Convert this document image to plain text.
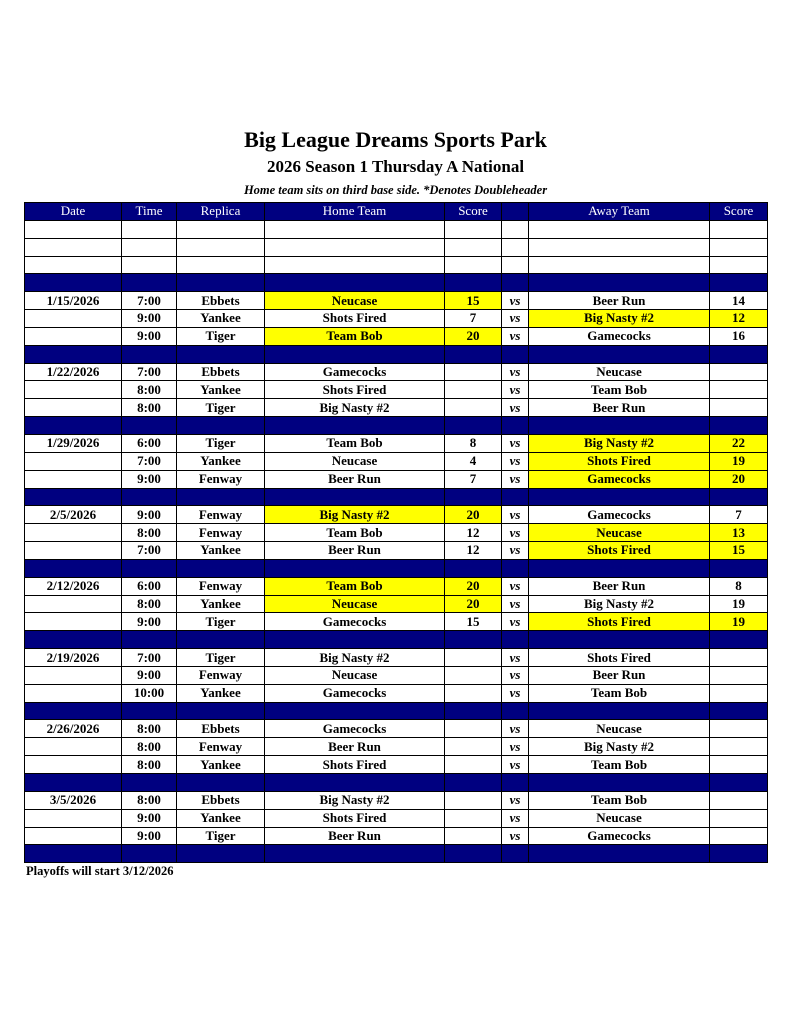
Big League Dreams Sports Park
2026 Season 1 Thursday A National
Home team sits on third base side. *Denotes Doubleheader
Date	Time	Replica	Home Team	Score		Away Team	Score

1/15/2026	7:00	Ebbets	Neucase	15	vs	Beer Run	14
	9:00	Yankee	Shots Fired	7	vs	Big Nasty #2	12
	9:00	Tiger	Team Bob	20	vs	Gamecocks	16

1/22/2026	7:00	Ebbets	Gamecocks		vs	Neucase	
	8:00	Yankee	Shots Fired		vs	Team Bob	
	8:00	Tiger	Big Nasty #2		vs	Beer Run	

1/29/2026	6:00	Tiger	Team Bob	8	vs	Big Nasty #2	22
	7:00	Yankee	Neucase	4	vs	Shots Fired	19
	9:00	Fenway	Beer Run	7	vs	Gamecocks	20

2/5/2026	9:00	Fenway	Big Nasty #2	20	vs	Gamecocks	7
	8:00	Fenway	Team Bob	12	vs	Neucase	13
	7:00	Yankee	Beer Run	12	vs	Shots Fired	15

2/12/2026	6:00	Fenway	Team Bob	20	vs	Beer Run	8
	8:00	Yankee	Neucase	20	vs	Big Nasty #2	19
	9:00	Tiger	Gamecocks	15	vs	Shots Fired	19

2/19/2026	7:00	Tiger	Big Nasty #2		vs	Shots Fired	
	9:00	Fenway	Neucase		vs	Beer Run	
	10:00	Yankee	Gamecocks		vs	Team Bob	

2/26/2026	8:00	Ebbets	Gamecocks		vs	Neucase	
	8:00	Fenway	Beer Run		vs	Big Nasty #2	
	8:00	Yankee	Shots Fired		vs	Team Bob	

3/5/2026	8:00	Ebbets	Big Nasty #2		vs	Team Bob	
	9:00	Yankee	Shots Fired		vs	Neucase	
	9:00	Tiger	Beer Run		vs	Gamecocks	

Playoffs will start 3/12/2026
